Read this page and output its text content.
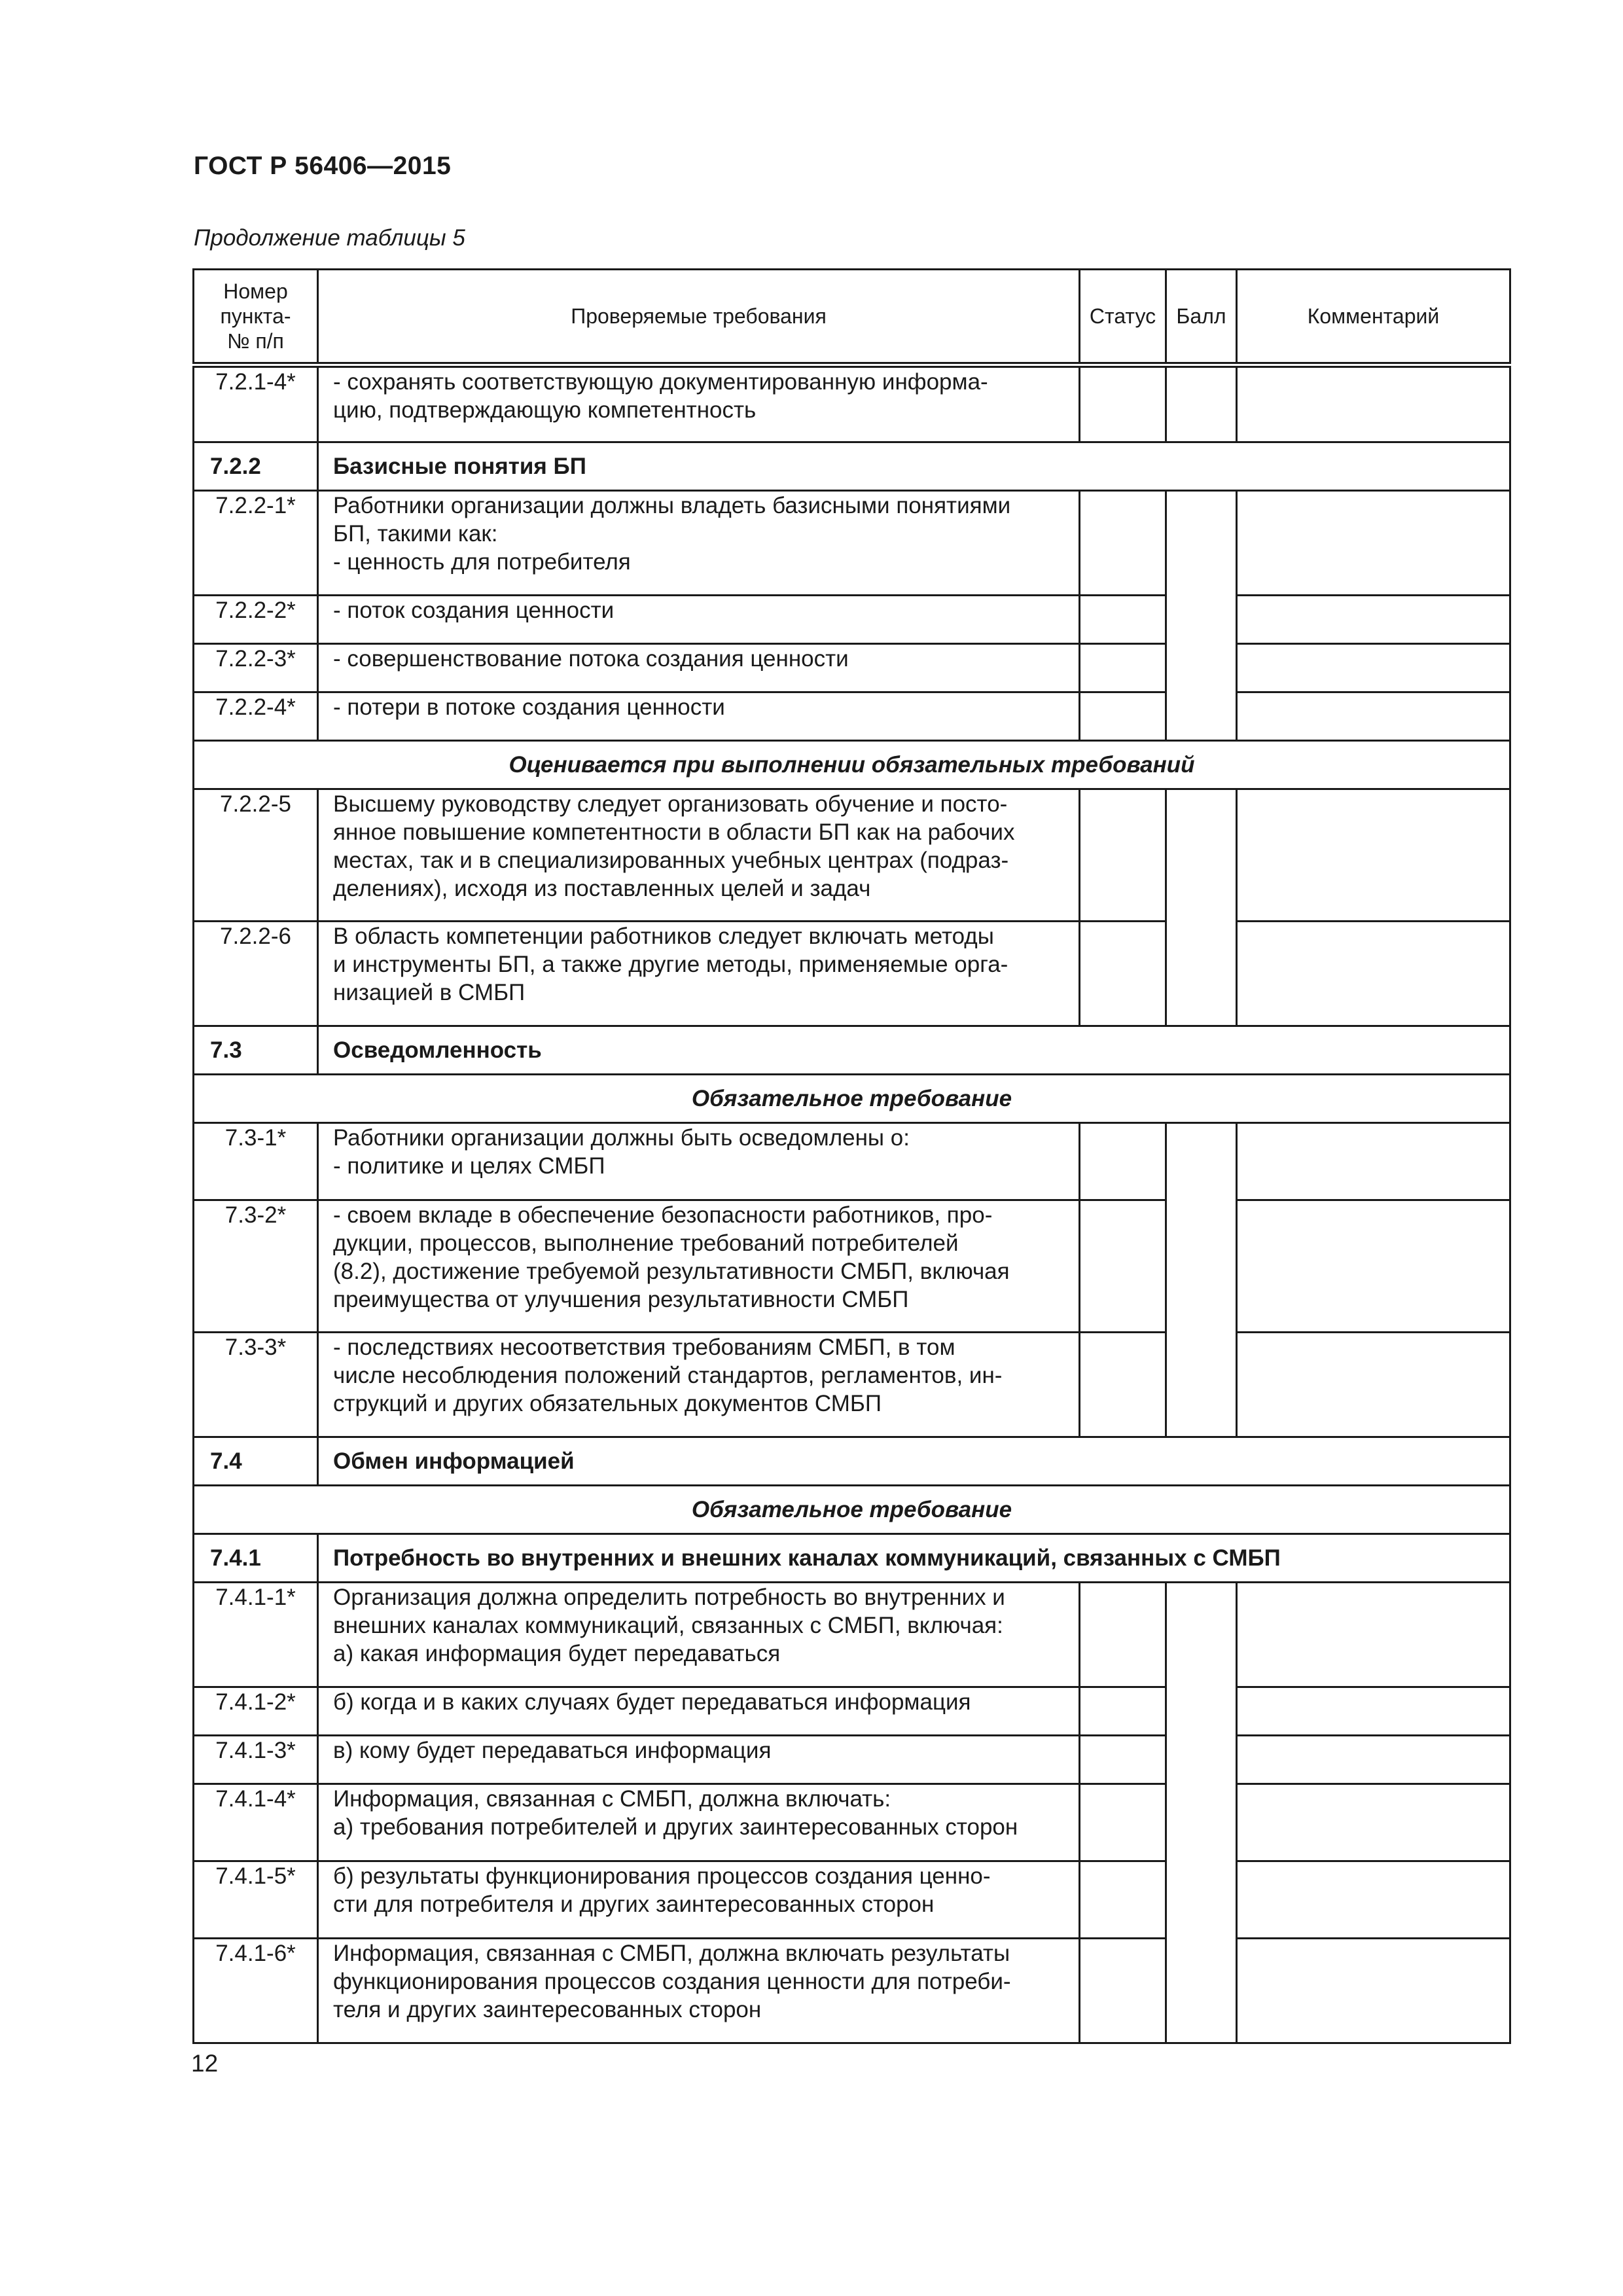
ГОСТ Р 56406—2015
Продолжение таблицы 5
Номер
пункта-
№ п/п	Проверяемые требования	Статус	Балл	Комментарий
7.2.1-4*	- сохранять соответствующую документированную информа-
цию, подтверждающую компетентность			

7.2.2	Базисные понятия БП			
7.2.2-1*	Работники организации должны владеть базисными понятиями
БП, такими как:
- ценность для потребителя			

7.2.2-2*	- поток создания ценности			

7.2.2-3*	- совершенствование потока создания ценности			

7.2.2-4*	- потери в потоке создания ценности			

Оценивается при выполнении обязательных требований				
7.2.2-5	Высшему руководству следует организовать обучение и посто-
янное повышение компетентности в области БП как на рабочих
местах, так и в специализированных учебных центрах (подраз-
делениях), исходя из поставленных целей и задач			

7.2.2-6	В область компетенции работников следует включать методы
и инструменты БП, а также другие методы, применяемые орга-
низацией в СМБП			

7.3	Осведомленность			
Обязательное требование				
7.3-1*	Работники организации должны быть осведомлены о:
- политике и целях СМБП			

7.3-2*	- своем вкладе в обеспечение безопасности работников, про-
дукции, процессов, выполнение требований потребителей
(8.2), достижение требуемой результативности СМБП, включая
преимущества от улучшения результативности СМБП			

7.3-3*	- последствиях несоответствия требованиям СМБП, в том
числе несоблюдения положений стандартов, регламентов, ин-
струкций и других обязательных документов СМБП			

7.4	Обмен информацией			
Обязательное требование				
7.4.1	Потребность во внутренних и внешних каналах коммуникаций, связанных с СМБП			
7.4.1-1*	Организация должна определить потребность во внутренних и
внешних каналах коммуникаций, связанных с СМБП, включая:
а) какая информация будет передаваться			

7.4.1-2*	б) когда и в каких случаях будет передаваться информация			

7.4.1-3*	в) кому будет передаваться информация			

7.4.1-4*	Информация, связанная с СМБП, должна включать:
а) требования потребителей и других заинтересованных сторон			

7.4.1-5*	б) результаты функционирования процессов создания ценно-
сти для потребителя и других заинтересованных сторон			

7.4.1-6*	Информация, связанная с СМБП, должна включать результаты
функционирования процессов создания ценности для потреби-
теля и других заинтересованных сторон			

12
